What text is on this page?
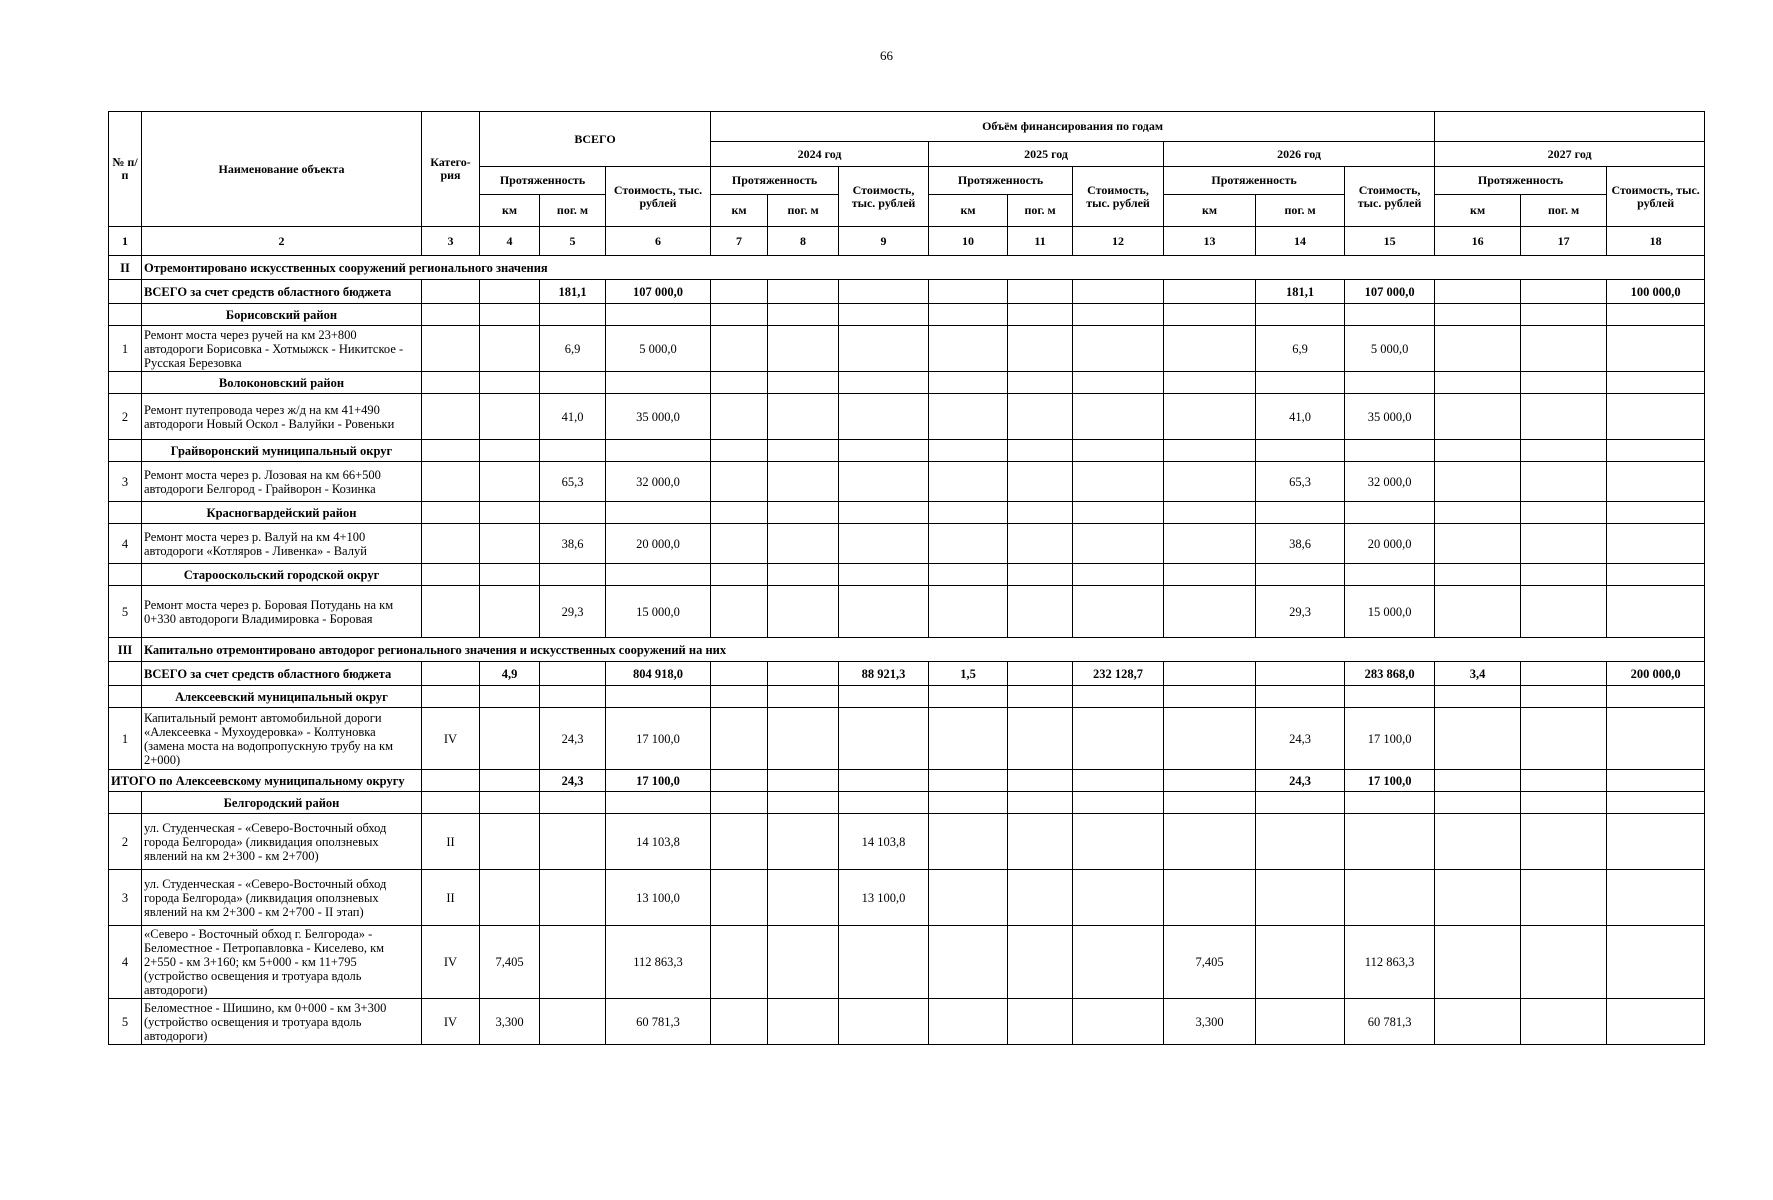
66
№ п/п	Наименование объекта	Катего-рия	ВСЕГО			Объём финансирования по годам											
						2024 год			2025 год			2026 год			2027 год		
			Протяженность		Стоимость, тыс. рублей	Протяженность		Стоимость, тыс. рублей	Протяженность		Стоимость, тыс. рублей	Протяженность		Стоимость, тыс. рублей	Протяженность		Стоимость, тыс. рублей
			км	пог. м		км	пог. м		км	пог. м		км	пог. м		км	пог. м	
1	2	3	4	5	6	7	8	9	10	11	12	13	14	15	16	17	18
II	Отремонтировано искусственных сооружений регионального значения																
	ВСЕГО за счет средств областного бюджета			181,1	107 000,0								181,1	107 000,0			100 000,0
	Борисовский район																
1	Ремонт моста через ручей на км 23+800 автодороги Борисовка - Хотмыжск - Никитское - Русская Березовка			6,9	5 000,0								6,9	5 000,0			
	Волоконовский район																
2	Ремонт путепровода через ж/д на км 41+490 автодороги Новый Оскол - Валуйки - Ровеньки			41,0	35 000,0								41,0	35 000,0			
	Грайворонский муниципальный округ																
3	Ремонт моста через р. Лозовая на км 66+500 автодороги Белгород - Грайворон - Козинка			65,3	32 000,0								65,3	32 000,0			
	Красногвардейский район																
4	Ремонт моста через р. Валуй на км 4+100 автодороги «Котляров - Ливенка» - Валуй			38,6	20 000,0								38,6	20 000,0			
	Старооскольский городской округ																
5	Ремонт моста через р. Боровая Потудань на км 0+330 автодороги Владимировка - Боровая			29,3	15 000,0								29,3	15 000,0			
III	Капитально отремонтировано автодорог регионального значения и искусственных сооружений на них																
	ВСЕГО за счет средств областного бюджета		4,9		804 918,0			88 921,3	1,5		232 128,7			283 868,0	3,4		200 000,0
	Алексеевский муниципальный округ																
1	Капитальный ремонт автомобильной дороги «Алексеевка - Мухоудеровка» - Колтуновка (замена моста на водопропускную трубу на км 2+000)	IV		24,3	17 100,0								24,3	17 100,0			
ИТОГО по Алексеевскому муниципальному округу				24,3	17 100,0								24,3	17 100,0			
	Белгородский район																
2	ул. Студенческая - «Северо-Восточный обход города Белгорода» (ликвидация оползневых явлений на км 2+300 - км 2+700)	II			14 103,8			14 103,8									
3	ул. Студенческая - «Северо-Восточный обход города Белгорода» (ликвидация оползневых явлений на км 2+300 - км 2+700 - II этап)	II			13 100,0			13 100,0									
4	«Северо - Восточный обход г. Белгорода» - Беломестное - Петропавловка - Киселево, км 2+550 - км 3+160; км 5+000 - км 11+795 (устройство освещения и тротуара вдоль автодороги)	IV	7,405		112 863,3							7,405		112 863,3			
5	Беломестное - Шишино, км 0+000 - км 3+300 (устройство освещения и тротуара вдоль автодороги)	IV	3,300		60 781,3							3,300		60 781,3			
